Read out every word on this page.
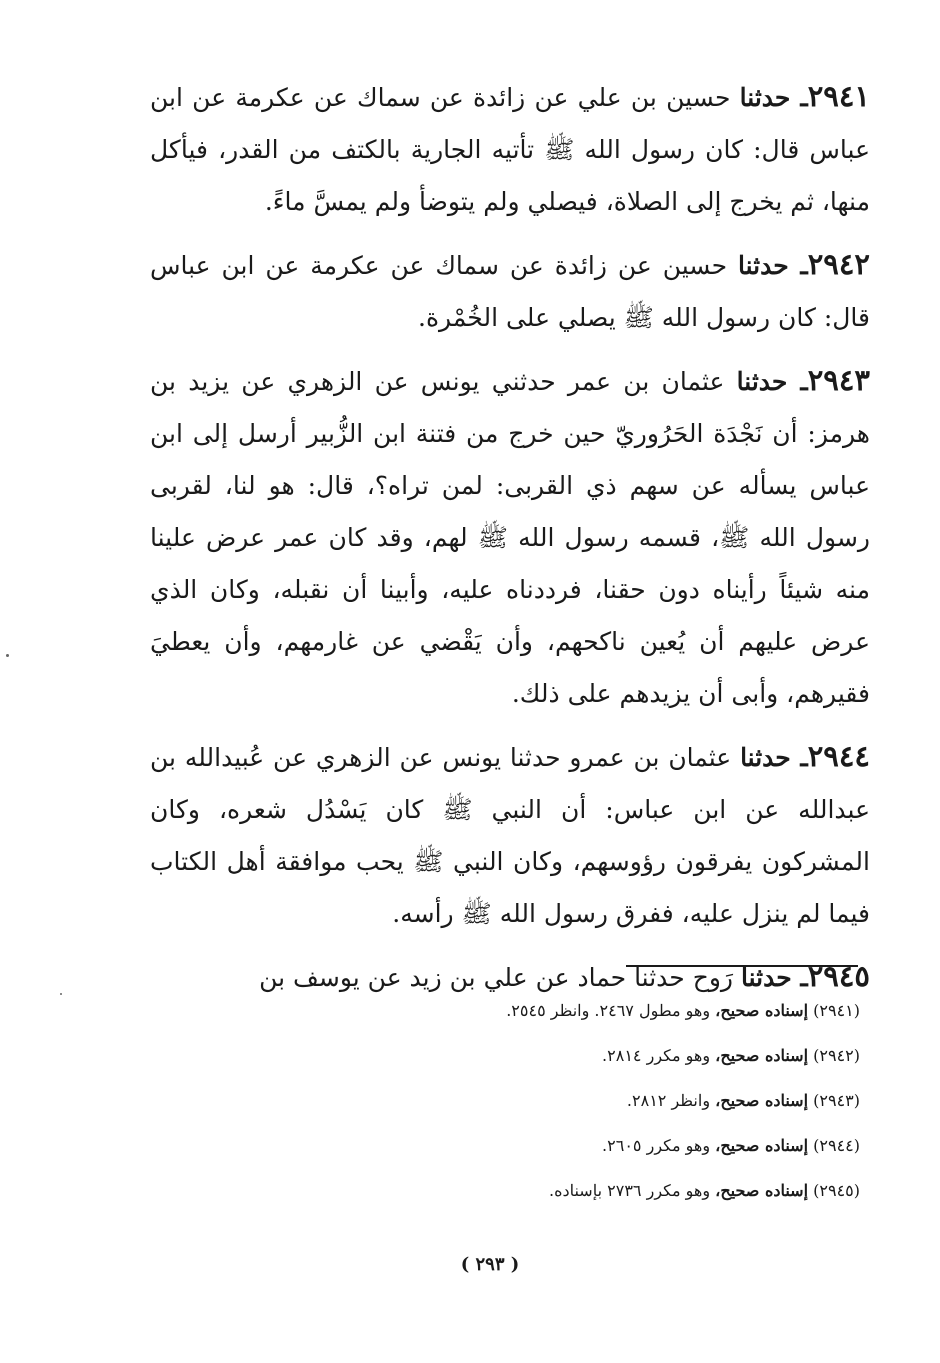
٢٩٤١ـ حدثنا حسين بن علي عن زائدة عن سماك عن عكرمة عن ابن عباس قال: كان رسول الله ﷺ تأتيه الجارية بالكتف من القدر، فيأكل منها، ثم يخرج إلى الصلاة، فيصلي ولم يتوضأ ولم يمسَّ ماءً.

٢٩٤٢ـ حدثنا حسين عن زائدة عن سماك عن عكرمة عن ابن عباس قال: كان رسول الله ﷺ يصلي على الخُمْرة.

٢٩٤٣ـ حدثنا عثمان بن عمر حدثني يونس عن الزهري عن يزيد بن هرمز: أن نَجْدَة الحَرُوريّ حين خرج من فتنة ابن الزُّبير أرسل إلى ابن عباس يسأله عن سهم ذي القربى: لمن تراه؟، قال: هو لنا، لقربى رسول الله ﷺ، قسمه رسول الله ﷺ لهم، وقد كان عمر عرض علينا منه شيئاً رأيناه دون حقنا، فرددناه عليه، وأبينا أن نقبله، وكان الذي عرض عليهم أن يُعين ناكحهم، وأن يَقْضي عن غارمهم، وأن يعطيَ فقيرهم، وأبى أن يزيدهم على ذلك.

٢٩٤٤ـ حدثنا عثمان بن عمرو حدثنا يونس عن الزهري عن عُبيدالله بن عبدالله عن ابن عباس: أن النبي ﷺ كان يَسْدُل شعره، وكان المشركون يفرقون رؤوسهم، وكان النبي ﷺ يحب موافقة أهل الكتاب فيما لم ينزل عليه، ففرق رسول الله ﷺ رأسه.

٢٩٤٥ـ حدثنا رَوح حدثنا حماد عن علي بن زيد عن يوسف بن

(٢٩٤١) إسناده صحيح، وهو مطول ٢٤٦٧. وانظر ٢٥٤٥.
(٢٩٤٢) إسناده صحيح، وهو مكرر ٢٨١٤.
(٢٩٤٣) إسناده صحيح، وانظر ٢٨١٢.
(٢٩٤٤) إسناده صحيح، وهو مكرر ٢٦٠٥.
(٢٩٤٥) إسناده صحيح، وهو مكرر ٢٧٣٦ بإسناده.
( ٢٩٣ )
